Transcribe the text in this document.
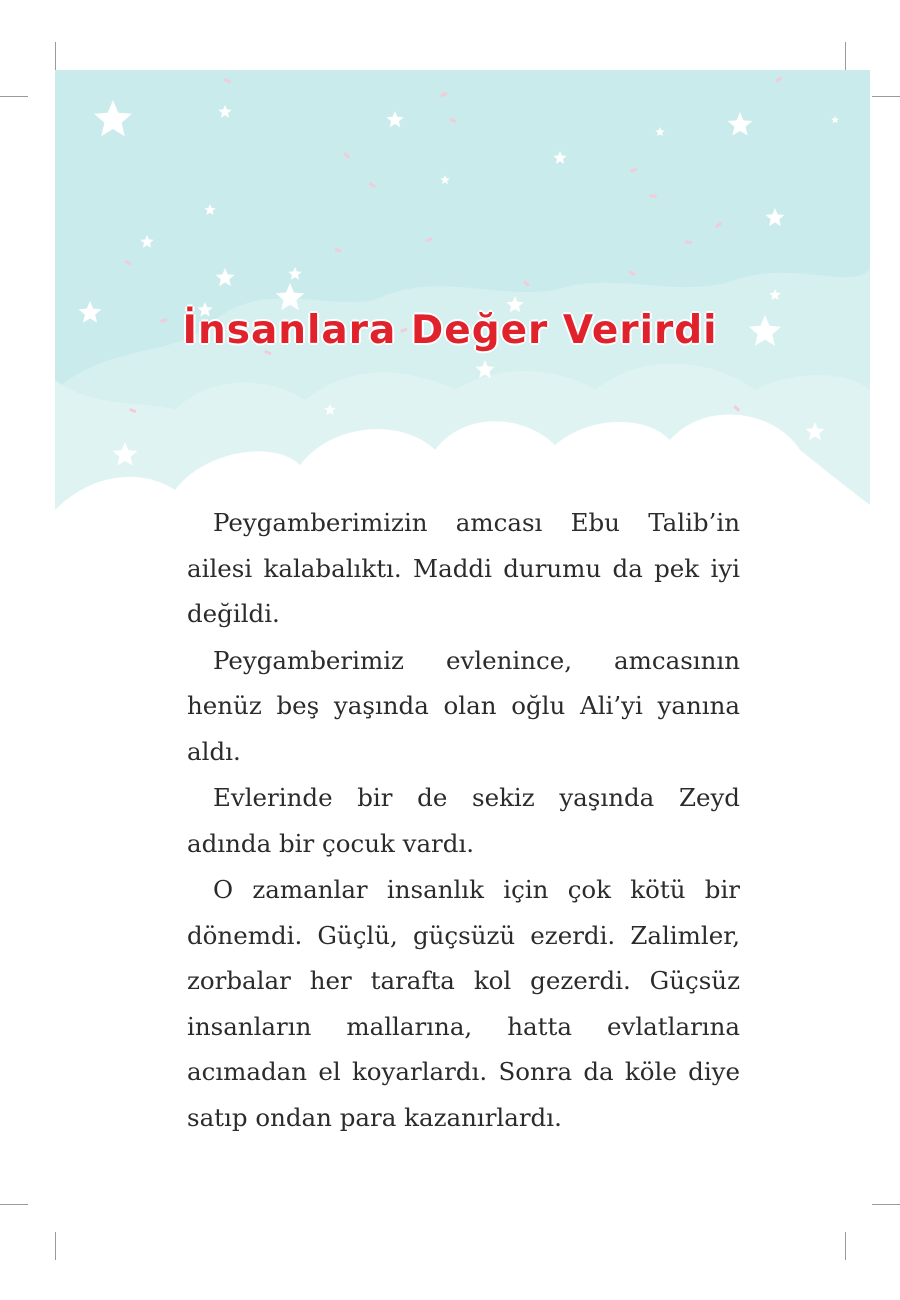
İnsanlara Değer Verirdi

Peygamberimizin amcası Ebu Talib’in ailesi kalabalıktı. Maddi durumu da pek iyi değildi.

Peygamberimiz evlenince, amcasının henüz beş yaşında olan oğlu Ali’yi yanına aldı.

Evlerinde bir de sekiz yaşında Zeyd adında bir çocuk vardı.

O zamanlar insanlık için çok kötü bir dönemdi. Güçlü, güçsüzü ezerdi. Zalimler, zorbalar her tarafta kol gezerdi. Güçsüz insanların mallarına, hatta evlatlarına acımadan el koyarlardı. Sonra da köle diye satıp ondan para kazanırlardı.
